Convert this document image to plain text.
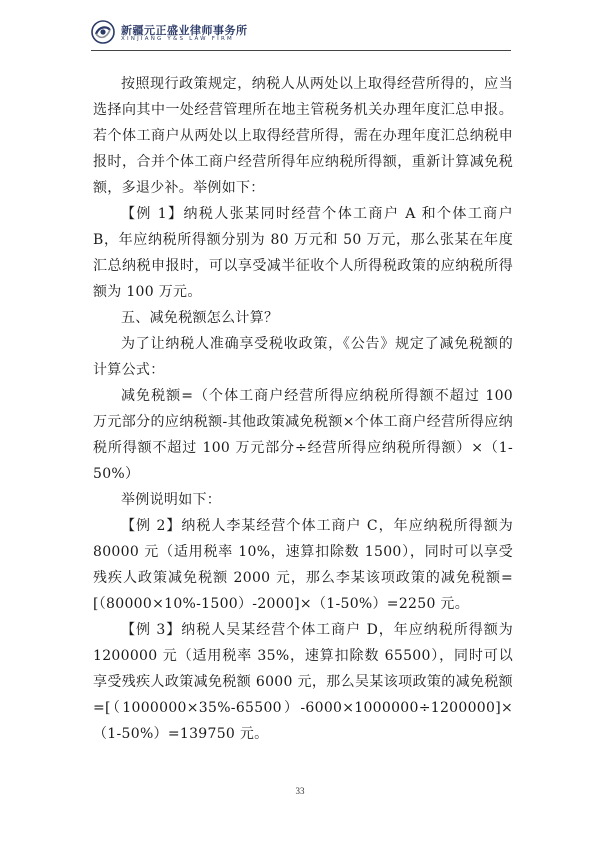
新疆元正盛业律师事务所
XINJIANG Y&S LAW FIRM

按照现行政策规定，纳税人从两处以上取得经营所得的，应当选择向其中一处经营管理所在地主管税务机关办理年度汇总申报。若个体工商户从两处以上取得经营所得，需在办理年度汇总纳税申报时，合并个体工商户经营所得年应纳税所得额，重新计算减免税额，多退少补。举例如下：

【例 1】纳税人张某同时经营个体工商户 A 和个体工商户 B，年应纳税所得额分别为 80 万元和 50 万元，那么张某在年度汇总纳税申报时，可以享受减半征收个人所得税政策的应纳税所得额为 100 万元。

五、减免税额怎么计算？

为了让纳税人准确享受税收政策，《公告》规定了减免税额的计算公式：

减免税额=（个体工商户经营所得应纳税所得额不超过 100 万元部分的应纳税额-其他政策减免税额×个体工商户经营所得应纳税所得额不超过 100 万元部分÷经营所得应纳税所得额）×（1-50%）

举例说明如下：

【例 2】纳税人李某经营个体工商户 C，年应纳税所得额为 80000 元（适用税率 10%，速算扣除数 1500），同时可以享受残疾人政策减免税额 2000 元，那么李某该项政策的减免税额=[（80000×10%-1500）-2000]×（1-50%）=2250 元。

【例 3】纳税人吴某经营个体工商户 D，年应纳税所得额为 1200000 元（适用税率 35%，速算扣除数 65500），同时可以享受残疾人政策减免税额 6000 元，那么吴某该项政策的减免税额=[（1000000×35%-65500）-6000×1000000÷1200000]×（1-50%）=139750 元。

33
